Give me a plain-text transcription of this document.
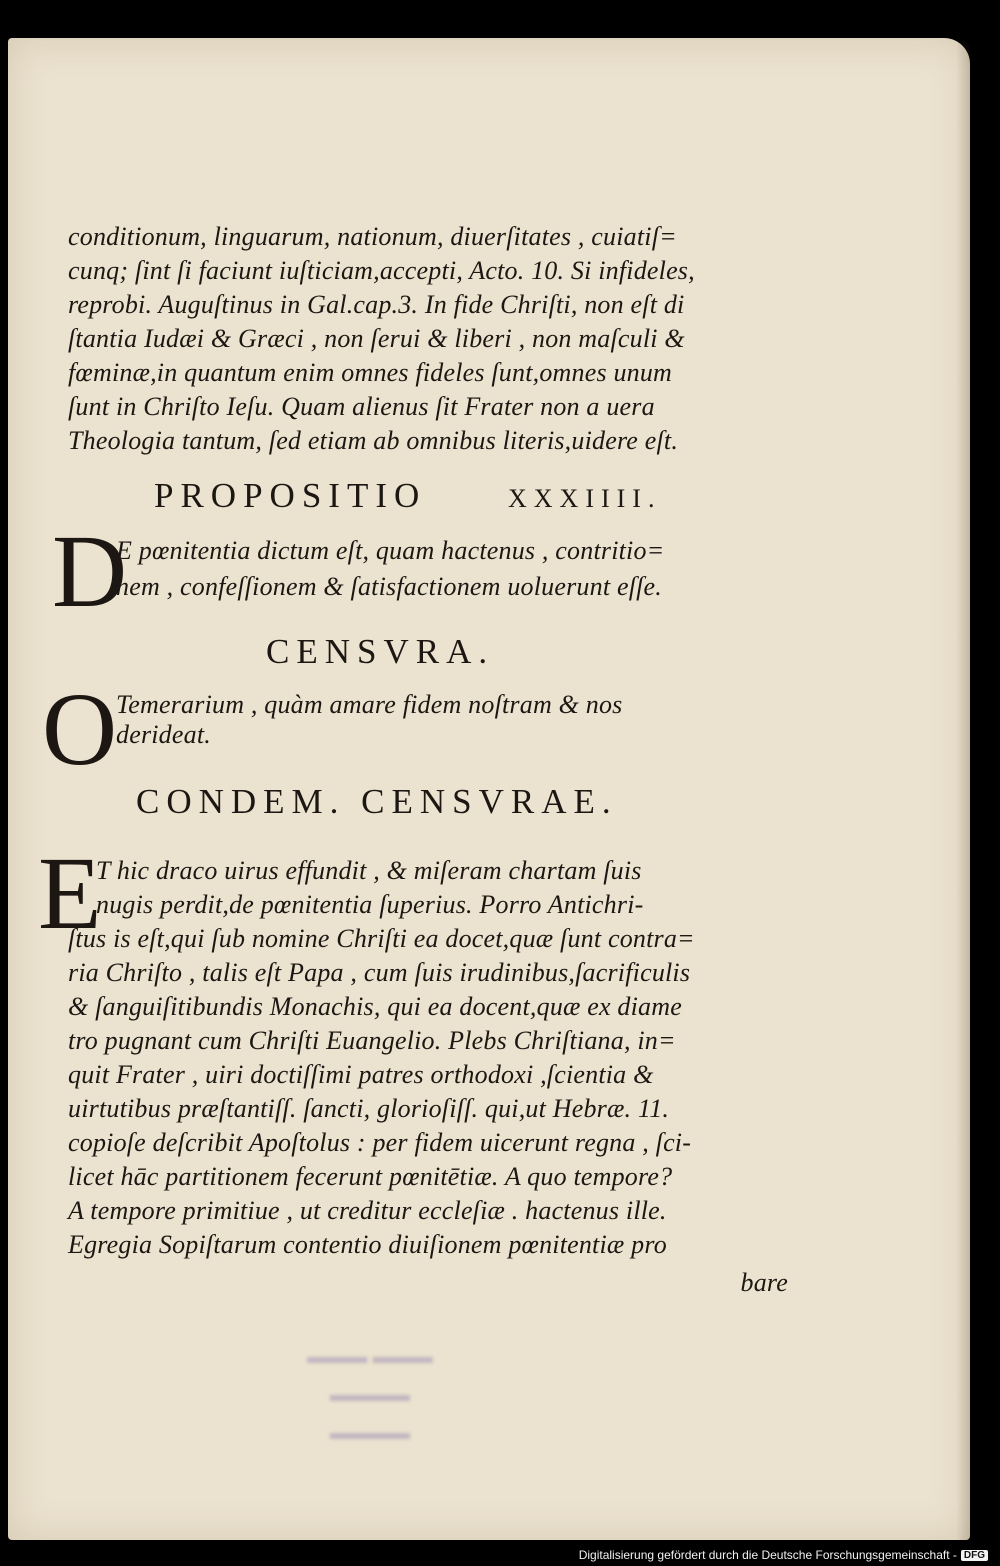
conditionum, linguarum, nationum, diuerſitates , cuiatiſ=
cunq; ſint ſi faciunt iuſticiam,accepti, Acto. 10. Si infideles,
reprobi. Auguſtinus in Gal.cap.3. In fide Chriſti, non eſt di
ſtantia Iudæi & Græci , non ſerui & liberi , non maſculi &
fœminæ,in quantum enim omnes fideles ſunt,omnes unum
ſunt in Chriſto Ieſu. Quam alienus ſit Frater non a uera
Theologia tantum, ſed etiam ab omnibus literis,uidere eſt.
PROPOSITIO	XXXIIII.
D
E pœnitentia dictum eſt, quam hactenus , contritio=
nem , confeſſionem & ſatisfactionem uoluerunt eſſe.
CENSVRA.
O
Temerarium , quàm amare fidem noſtram & nos
derideat.
CONDEM. CENSVRAE.
E
T hic draco uirus effundit , & miſeram chartam ſuis
nugis perdit,de pœnitentia ſuperius. Porro Antichri-
ſtus is eſt,qui ſub nomine Chriſti ea docet,quæ ſunt contra=
ria Chriſto , talis eſt Papa , cum ſuis irudinibus,ſacrificulis
& ſanguiſitibundis Monachis, qui ea docent,quæ ex diame
tro pugnant cum Chriſti Euangelio. Plebs Chriſtiana, in=
quit Frater , uiri doctiſſimi patres orthodoxi ,ſcientia &
uirtutibus præſtantiſſ. ſancti, glorioſiſſ. qui,ut Hebræ. 11.
copioſe deſcribit Apoſtolus : per fidem uicerunt regna , ſci-
licet hāc partitionem fecerunt pœnitētiæ. A quo tempore?
A tempore primitiue , ut creditur eccleſiæ . hactenus ille.
Egregia Sopiſtarum contentio diuiſionem pœnitentiæ pro
bare
▬▬▬ ▬▬▬
▬▬▬▬
▬▬▬▬
Digitalisierung gefördert durch die Deutsche Forschungsgemeinschaft - DFG
